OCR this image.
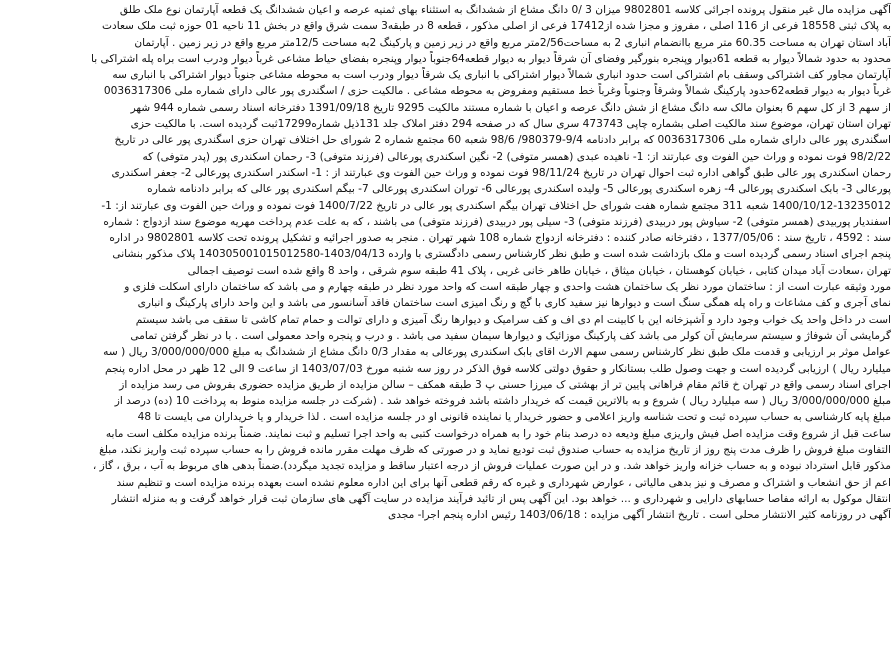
آگهی مزایده مال غیر منقول پرونده اجرائی کلاسه 9802801 میزان 3 /0 دانگ مشاع از ششدانگ به استثناء بهای ثمنیه عرصه و اعیان ششدانگ یک قطعه آپارتمان نوع ملک طلق
به پلاک ثبتی 18558 فرعی از 116 اصلی ، مفروز و مجزا شده از17412 فرعی از اصلی مذکور ، قطعه 8 در طبقه3 سمت شرق واقع در بخش 11 ناحیه 01 حوزه ثبت ملک سعادت
آباد استان تهران به مساحت 60.35 متر مربع باانضمام انباری 2 به مساحت2/56متر مربع واقع در زیر زمین و پارکینگ 2به مساحت 12/5متر مربع واقع در زیر زمین . آپارتمان
محدود به حدود شمالاً دیوار به قطعه 61دیوار وپنجره بنورگیر وفضای آن شرقاً دیوار به دیوار قطعه64جنوباً دیوار وپنجره بفضای حیاط مشاعی غرباً دیوار ودرب است براه پله اشتراکی با
آپارتمان مجاور کف اشتراکی وسقف بام اشتراکی است حدود انباری شمالاً دیوار اشتراکی با انباری یک شرقاً دیوار ودرب است به محوطه مشاعی جنوباً دیوار اشتراکی با انباری سه
غرباً دیوار به دیوار قطعه62حدود پارکینگ شمالاً وشرقاً وجنوباً وغرباً خط مستقیم ومفروض به محوطه مشاعی . مالکیت حزی / اسگندری پور عالی دارای شماره ملی 0036317306
از سهم 3 از کل سهم 6 بعنوان مالک سه دانگ مشاع از شش دانگ عرصه و اعیان با شماره مستند مالکیت 9295 تاریخ 1391/09/18 دفترخانه اسناد رسمی شماره 944 شهر
تهران استان تهران، موضوع سند مالکیت اصلی بشماره چاپی 473743 سری سال که در صفحه 294 دفتر املاک جلد 131ذیل شماره17299ثبت گردیده است. با مالکیت حزی
اسگندری پور عالی دارای شماره ملی 0036317306 که برابر دادنامه 9/4-980379/ 98/6 شعبه 60 مجتمع شماره 2 شورای حل اختلاف تهران حزی اسگندری پور عالی در تاریخ
98/2/22 فوت نموده و وراث حین الفوت وی عبارتند از: 1- ناهیده عبدی (همسر متوفی) 2- نگین اسکندری پورعالی (فرزند متوفی) 3- رحمان اسکندری پور (پدر متوفی) که
رحمان اسکندری پور عالی طبق گواهی اداره ثبت احوال تهران در تاریخ 98/11/24 فوت نموده و وراث حین الفوت وی عبارتند از : 1- اسکندر اسکندری پورعالی 2- جعفر اسکندری
پورعالی 3- بابک اسکندری پورعالی 4- زهره اسکندری پورعالی 5- ولیده اسکندری پورعالی 6- توران اسکندری پورعالی 7- بیگم اسکندری پور عالی که برابر دادنامه شماره
1400/10/12-13235012 شعبه 311 مجتمع شماره هفت شورای حل اختلاف تهران بیگم اسکندری پور عالی در تاریخ 1400/7/22 فوت نموده و وراث حین الفوت وی عبارتند از: 1-
اسفندیار پوربیدی (همسر متوفی) 2- سیاوش پور دربیدی (فرزند متوفی) 3- سیلی پور دربیدی (فرزند متوفی) می باشند ، که به علت عدم پرداخت مهریه موضوع سند ازدواج : شماره
سند : 4592 ، تاریخ سند : 1377/05/06 ، دفترخانه صادر کننده : دفترخانه ازدواج شماره 108 شهر تهران . منجر به صدور اجرائیه و تشکیل پرونده تحت کلاسه 9802801 در اداره
پنجم اجرای اسناد رسمی گردیده است و ملک بازداشت شده است و طبق نظر کارشناس رسمی دادگستری با وارده 1403/04/13-140305001015012580 پلاک مذکور بنشانی
تهران ،سعادت آباد میدان کتابی ، خیابان کوهستان ، خیابان میثاق ، خیابان طاهر خانی غربی ، پلاک 41 طبقه سوم شرقی ، واحد 8 واقع شده است توصیف اجمالی
مورد وثیقه عبارت است از : ساختمان مورد نظر یک ساختمان هشت واحدی و چهار طبقه است که واحد مورد نظر در طبقه چهارم و می باشد که ساختمان دارای اسکلت فلزی و
نمای آجری و کف مشاعات و راه پله همگی سنگ است و دیوارها نیز سفید کاری با گچ و رنگ امیزی است ساختمان فاقد آسانسور می باشد و این واحد دارای پارکینگ و انباری
است در داخل واحد یک خواب وجود دارد و آشپزخانه این با کابینت ام دی اف و کف سرامیک و دیوارها رنگ آمیزی و دارای توالت و حمام تمام کاشی تا سقف می باشد سیستم
گرمایشی آن شوفاژ و سیستم سرمایش آن کولر می باشد کف پارکینگ موزائیک و دیوارها سیمان سفید می باشد . و درب و پنجره واحد معمولی است . با در نظر گرفتن تمامی
عوامل موثر بر ارزیابی و قدمت ملک طبق نظر کارشناس رسمی سهم الارث اقای بابک اسکندری پورعالی به مقدار 0/3 دانگ مشاع از ششدانگ به مبلغ 3/000/000/000 ریال ( سه
میلیارد ریال ) ارزیابی گردیده است و جهت وصول طلب بستانکار و حقوق دولتی کلاسه فوق الذکر در روز سه شنبه مورخ 1403/07/03 از ساعت 9 الی 12 ظهر در محل اداره پنجم
اجرای اسناد رسمی واقع در تهران خ قائم مقام فراهانی پایین تر از بهشتی ک میرزا حسنی پ 3 طبقه همکف – سالن مزایده از طریق مزایده حضوری بفروش می رسد مزایده از
مبلغ 3/000/000/000 ریال ( سه میلیارد ریال ) شروع و به بالاترین قیمت که خریدار داشته باشد فروخته خواهد شد . (شرکت در جلسه مزایده منوط به پرداخت 10 (ده) درصد از
مبلغ پایه کارشناسی به حساب سپرده ثبت و تحت شناسه واریز اعلامی و حضور خریدار یا نماینده قانونی او در جلسه مزایده است . لذا خریدار و یا خریداران می بایست تا 48
ساعت قبل از شروع وقت مزایده اصل فیش واریزی مبلغ ودیعه ده درصد بنام خود را به همراه درخواست کتبی به واحد اجرا تسلیم و ثبت نمایند. ضمناً برنده مزایده مکلف است مابه
التفاوت مبلغ فروش را ظرف مدت پنج روز از تاریخ مزایده به حساب صندوق ثبت تودیع نماید و در صورتی که ظرف مهلت مقرر مانده فروش را به حساب سپرده ثبت واریز نکند، مبلغ
مذکور قابل استرداد نبوده و به حساب خزانه واریز خواهد شد. و در این صورت عملیات فروش از درجه اعتبار ساقط و مزایده تجدید میگردد).ضمناً بدهی های مربوط به آب ، برق ، گاز ،
اعم از حق انشعاب و اشتراک و مصرف و نیز بدهی مالیاتی ، عوارض شهرداری و غیره که رقم قطعی آنها برای این اداره معلوم نشده است بعهده برنده مزایده است و تنظیم سند
انتقال موکول به ارائه مفاصا حسابهای دارایی و شهرداری و ... خواهد بود. این آگهی پس از تائید فرآیند مزایده در سایت آگهی های سازمان ثبت قرار خواهد گرفت و به منزله انتشار
آگهی در روزنامه کثیر الانتشار محلی است . تاریخ انتشار آگهی مزایده : 1403/06/18 رئیس اداره پنجم اجرا- مجدی
